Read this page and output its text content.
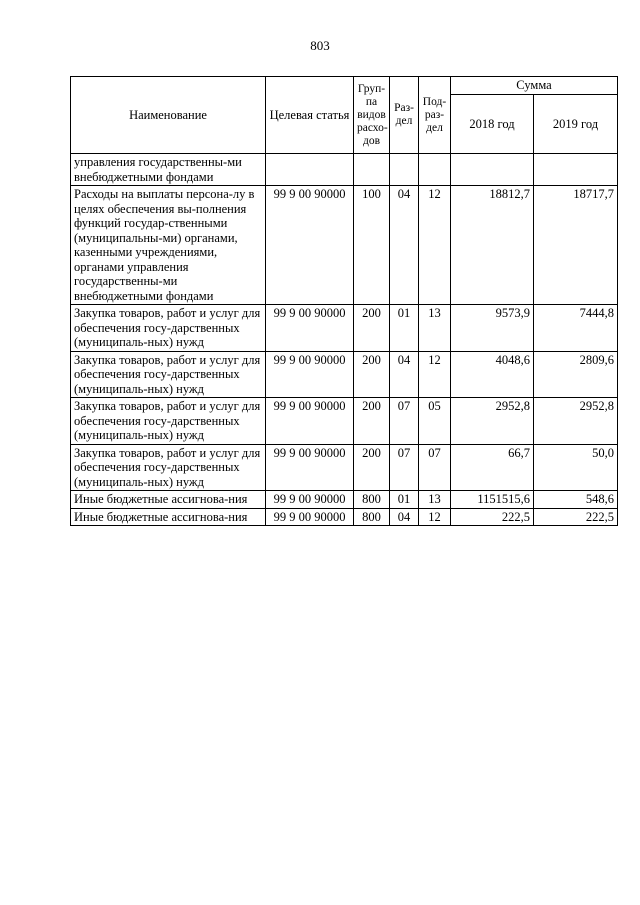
803
Наименование	Целевая статья	Груп-па видов расхо-дов	Раз-дел	Под-раз-дел	Сумма	
					2018 год	2019 год
управления государственны-ми внебюджетными фондами						
Расходы на выплаты персона-лу в целях обеспечения вы-полнения функций государ-ственными (муниципальны-ми) органами, казенными учреждениями, органами управления государственны-ми внебюджетными фондами	99 9 00 90000	100	04	12	18812,7	18717,7
Закупка товаров, работ и услуг для обеспечения госу-дарственных (муниципаль-ных) нужд	99 9 00 90000	200	01	13	9573,9	7444,8
Закупка товаров, работ и услуг для обеспечения госу-дарственных (муниципаль-ных) нужд	99 9 00 90000	200	04	12	4048,6	2809,6
Закупка товаров, работ и услуг для обеспечения госу-дарственных (муниципаль-ных) нужд	99 9 00 90000	200	07	05	2952,8	2952,8
Закупка товаров, работ и услуг для обеспечения госу-дарственных (муниципаль-ных) нужд	99 9 00 90000	200	07	07	66,7	50,0
Иные бюджетные ассигнова-ния	99 9 00 90000	800	01	13	1151515,6	548,6
Иные бюджетные ассигнова-ния	99 9 00 90000	800	04	12	222,5	222,5
